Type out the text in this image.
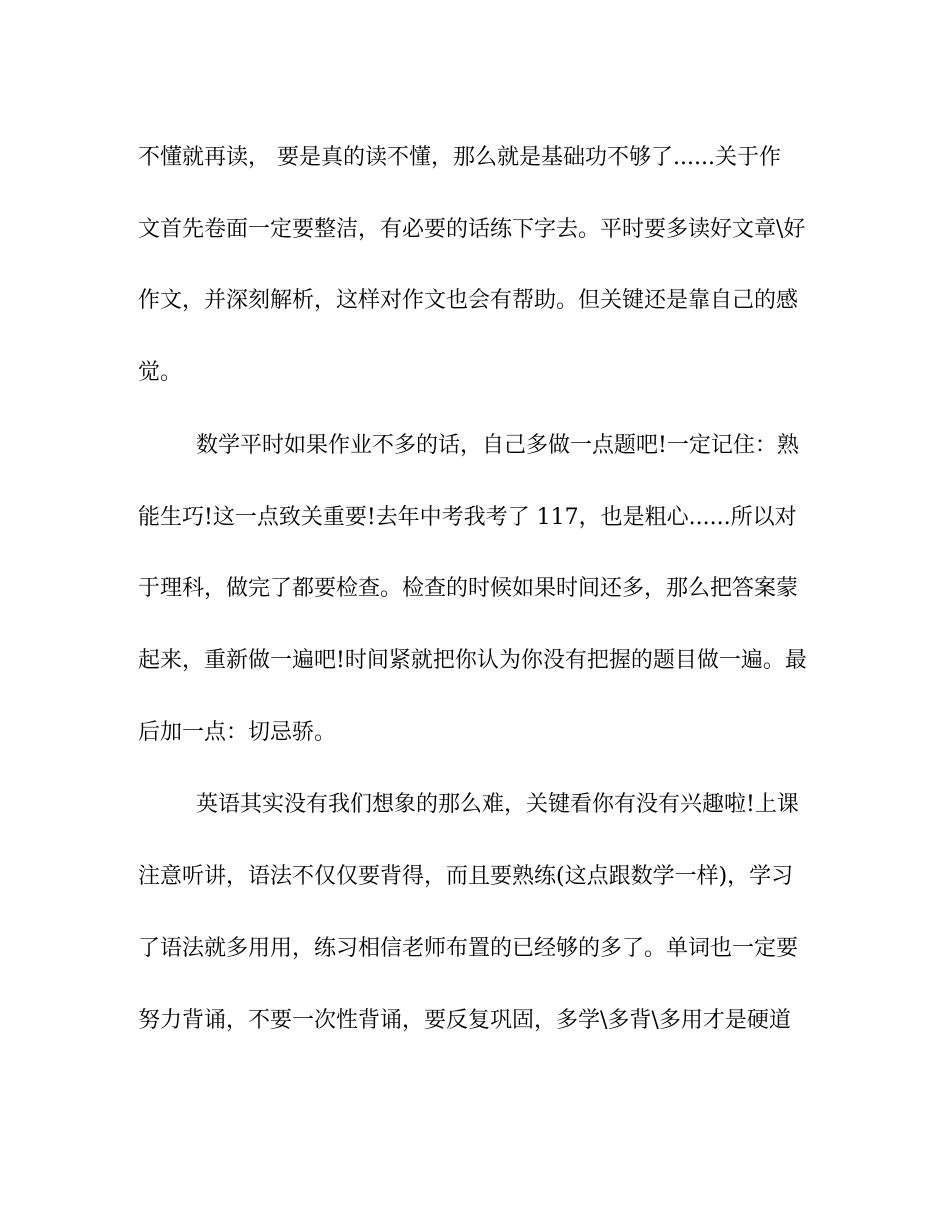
不懂就再读， 要是真的读不懂，那么就是基础功不够了......关于作
文首先卷面一定要整洁，有必要的话练下字去。平时要多读好文章\好
作文，并深刻解析，这样对作文也会有帮助。但关键还是靠自己的感
觉。
数学平时如果作业不多的话，自己多做一点题吧!一定记住：熟
能生巧!这一点致关重要!去年中考我考了 117，也是粗心......所以对
于理科，做完了都要检查。检查的时候如果时间还多，那么把答案蒙
起来，重新做一遍吧!时间紧就把你认为你没有把握的题目做一遍。最
后加一点：切忌骄。
英语其实没有我们想象的那么难，关键看你有没有兴趣啦!上课
注意听讲，语法不仅仅要背得，而且要熟练(这点跟数学一样)，学习
了语法就多用用，练习相信老师布置的已经够的多了。单词也一定要
努力背诵，不要一次性背诵，要反复巩固，多学\多背\多用才是硬道
